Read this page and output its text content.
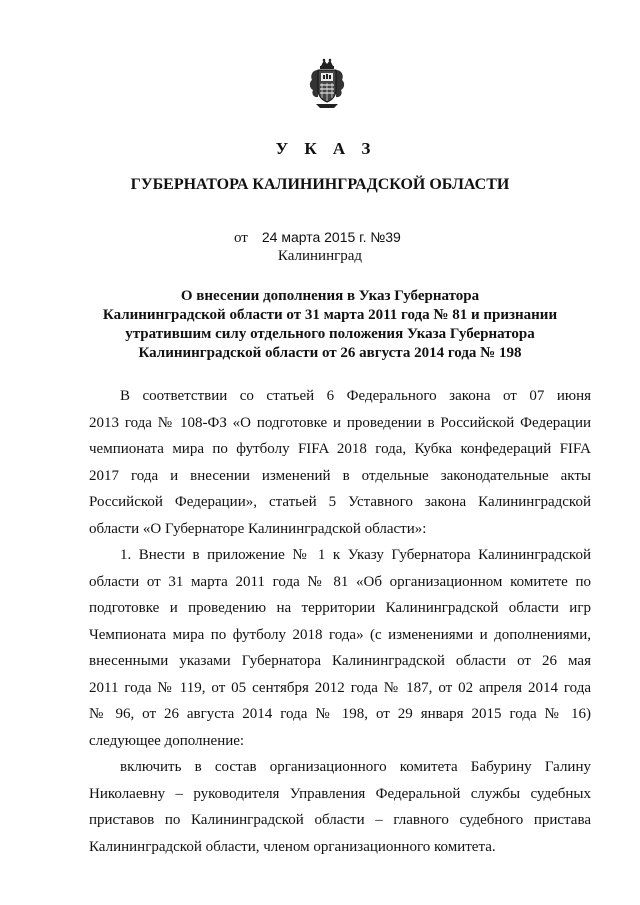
У К А З
ГУБЕРНАТОРА КАЛИНИНГРАДСКОЙ ОБЛАСТИ
от 24 марта 2015 г. №39
Калининград
О внесении дополнения в Указ Губернатора
Калининградской области от 31 марта 2011 года № 81 и признании
утратившим силу отдельного положения Указа Губернатора
Калининградской области от 26 августа 2014 года № 198
В соответствии со статьей 6 Федерального закона от 07 июня
2013 года № 108-ФЗ «О подготовке и проведении в Российской Федерации
чемпионата мира по футболу FIFA 2018 года, Кубка конфедераций FIFA
2017 года и внесении изменений в отдельные законодательные акты
Российской Федерации», статьей 5 Уставного закона Калининградской
области «О Губернаторе Калининградской области»:
1. Внести в приложение № 1 к Указу Губернатора Калининградской
области от 31 марта 2011 года № 81 «Об организационном комитете по
подготовке и проведению на территории Калининградской области игр
Чемпионата мира по футболу 2018 года» (с изменениями и дополнениями,
внесенными указами Губернатора Калининградской области от 26 мая
2011 года № 119, от 05 сентября 2012 года № 187, от 02 апреля 2014 года
№ 96, от 26 августа 2014 года № 198, от 29 января 2015 года № 16)
следующее дополнение:
включить в состав организационного комитета Бабурину Галину
Николаевну – руководителя Управления Федеральной службы судебных
приставов по Калининградской области – главного судебного пристава
Калининградской области, членом организационного комитета.
